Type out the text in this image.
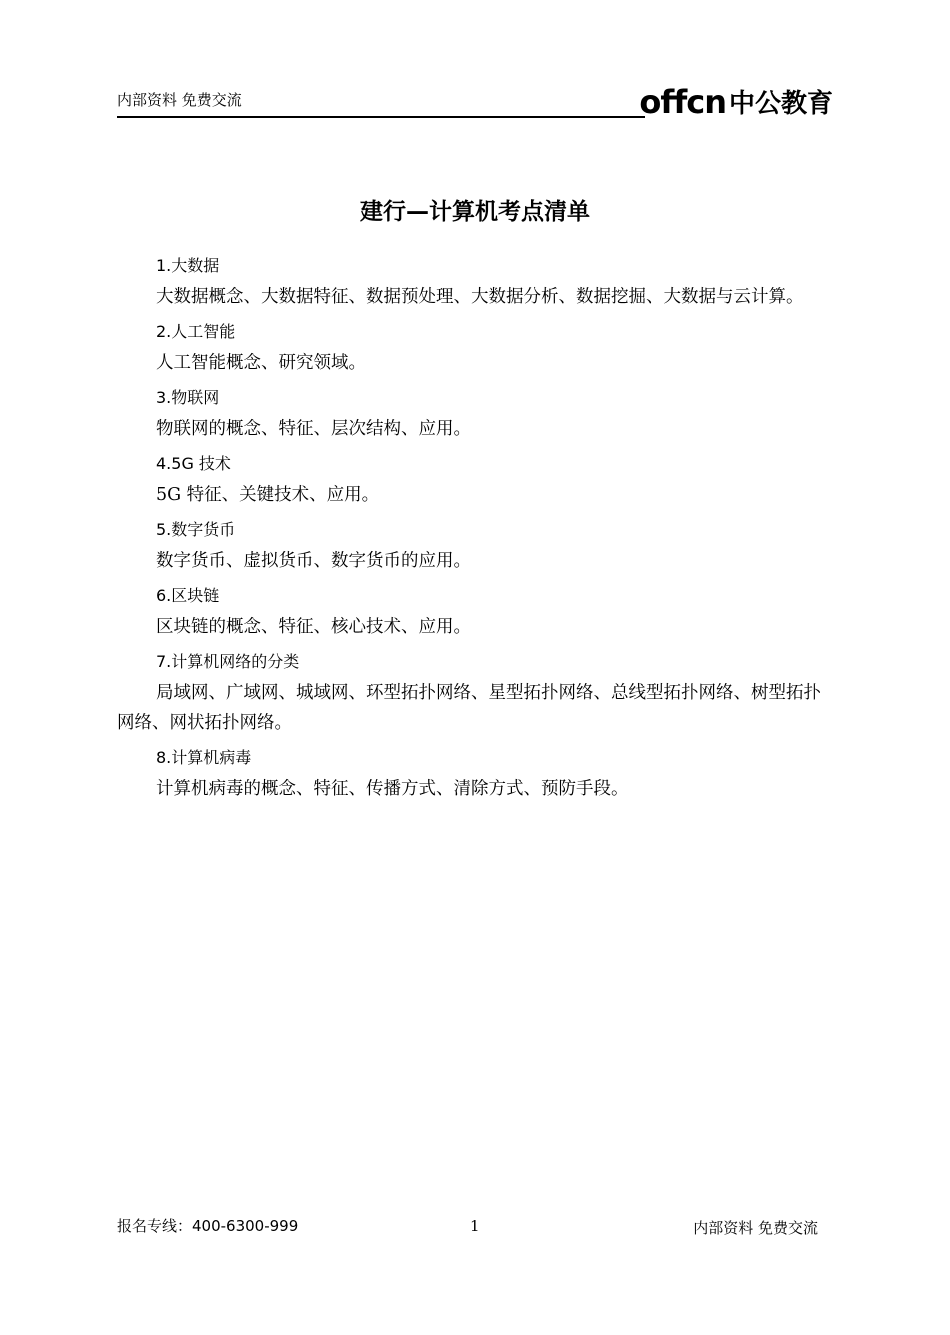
内部资料 免费交流	offcn 中公教育
建行—计算机考点清单
1.大数据

大数据概念、大数据特征、数据预处理、大数据分析、数据挖掘、大数据与云计算。

2.人工智能

人工智能概念、研究领域。

3.物联网

物联网的概念、特征、层次结构、应用。

4.5G 技术

5G 特征、关键技术、应用。

5.数字货币

数字货币、虚拟货币、数字货币的应用。

6.区块链

区块链的概念、特征、核心技术、应用。

7.计算机网络的分类

局域网、广域网、城域网、环型拓扑网络、星型拓扑网络、总线型拓扑网络、树型拓扑网络、网状拓扑网络。

8.计算机病毒

计算机病毒的概念、特征、传播方式、清除方式、预防手段。

报名专线：400-6300-999	1	内部资料 免费交流
